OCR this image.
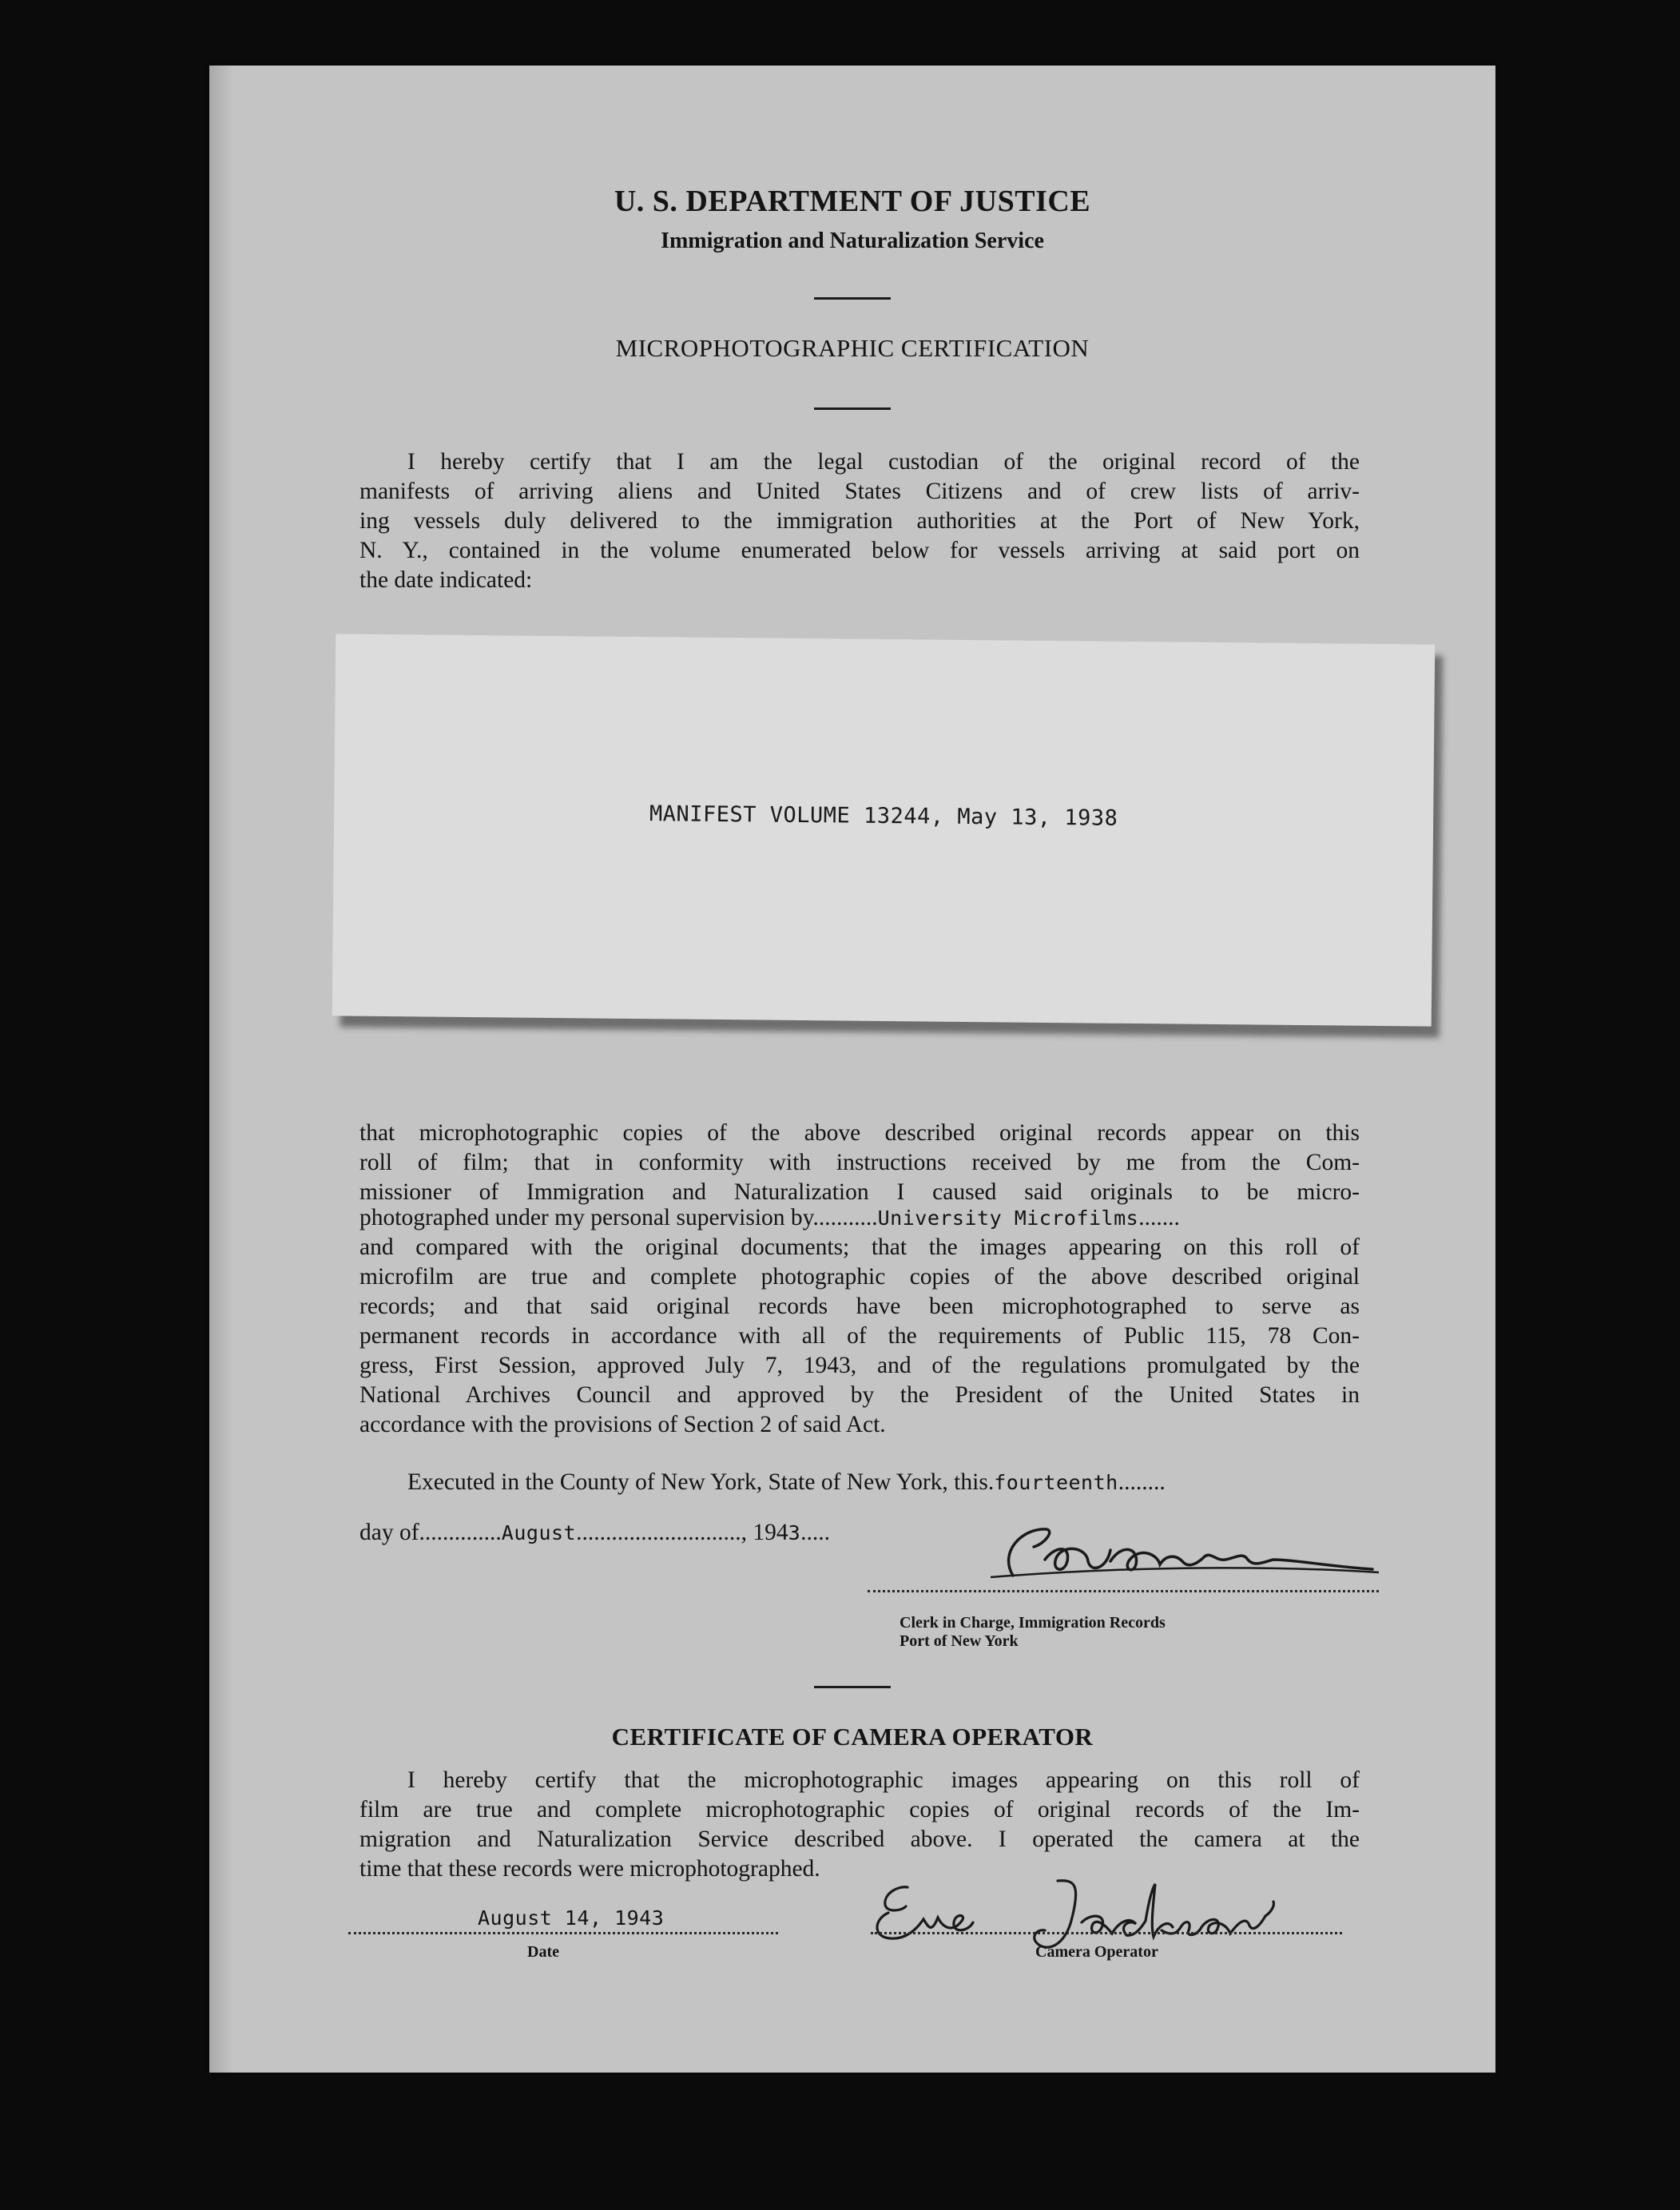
U. S. DEPARTMENT OF JUSTICE
Immigration and Naturalization Service
MICROPHOTOGRAPHIC CERTIFICATION
I hereby certify that I am the legal custodian of the original record of the
manifests of arriving aliens and United States Citizens and of crew lists of arriv-
ing vessels duly delivered to the immigration authorities at the Port of New York,
N. Y., contained in the volume enumerated below for vessels arriving at said port on
the date indicated:
MANIFEST VOLUME 13244, May 13, 1938
that microphotographic copies of the above described original records appear on this
roll of film; that in conformity with instructions received by me from the Com-
missioner of Immigration and Naturalization I caused said originals to be micro-
photographed under my personal supervision by...........University Microfilms.......
and compared with the original documents; that the images appearing on this roll of
microfilm are true and complete photographic copies of the above described original
records; and that said original records have been microphotographed to serve as
permanent records in accordance with all of the requirements of Public 115, 78 Con-
gress, First Session, approved July 7, 1943, and of the regulations promulgated by the
National Archives Council and approved by the President of the United States in
accordance with the provisions of Section 2 of said Act.
Executed in the County of New York, State of New York, this.fourteenth........
day of..............August............................, 1943.....
Clerk in Charge, Immigration Records
Port of New York
CERTIFICATE OF CAMERA OPERATOR
I hereby certify that the microphotographic images appearing on this roll of
film are true and complete microphotographic copies of original records of the Im-
migration and Naturalization Service described above. I operated the camera at the
time that these records were microphotographed.
August 14, 1943
Date	Camera Operator
